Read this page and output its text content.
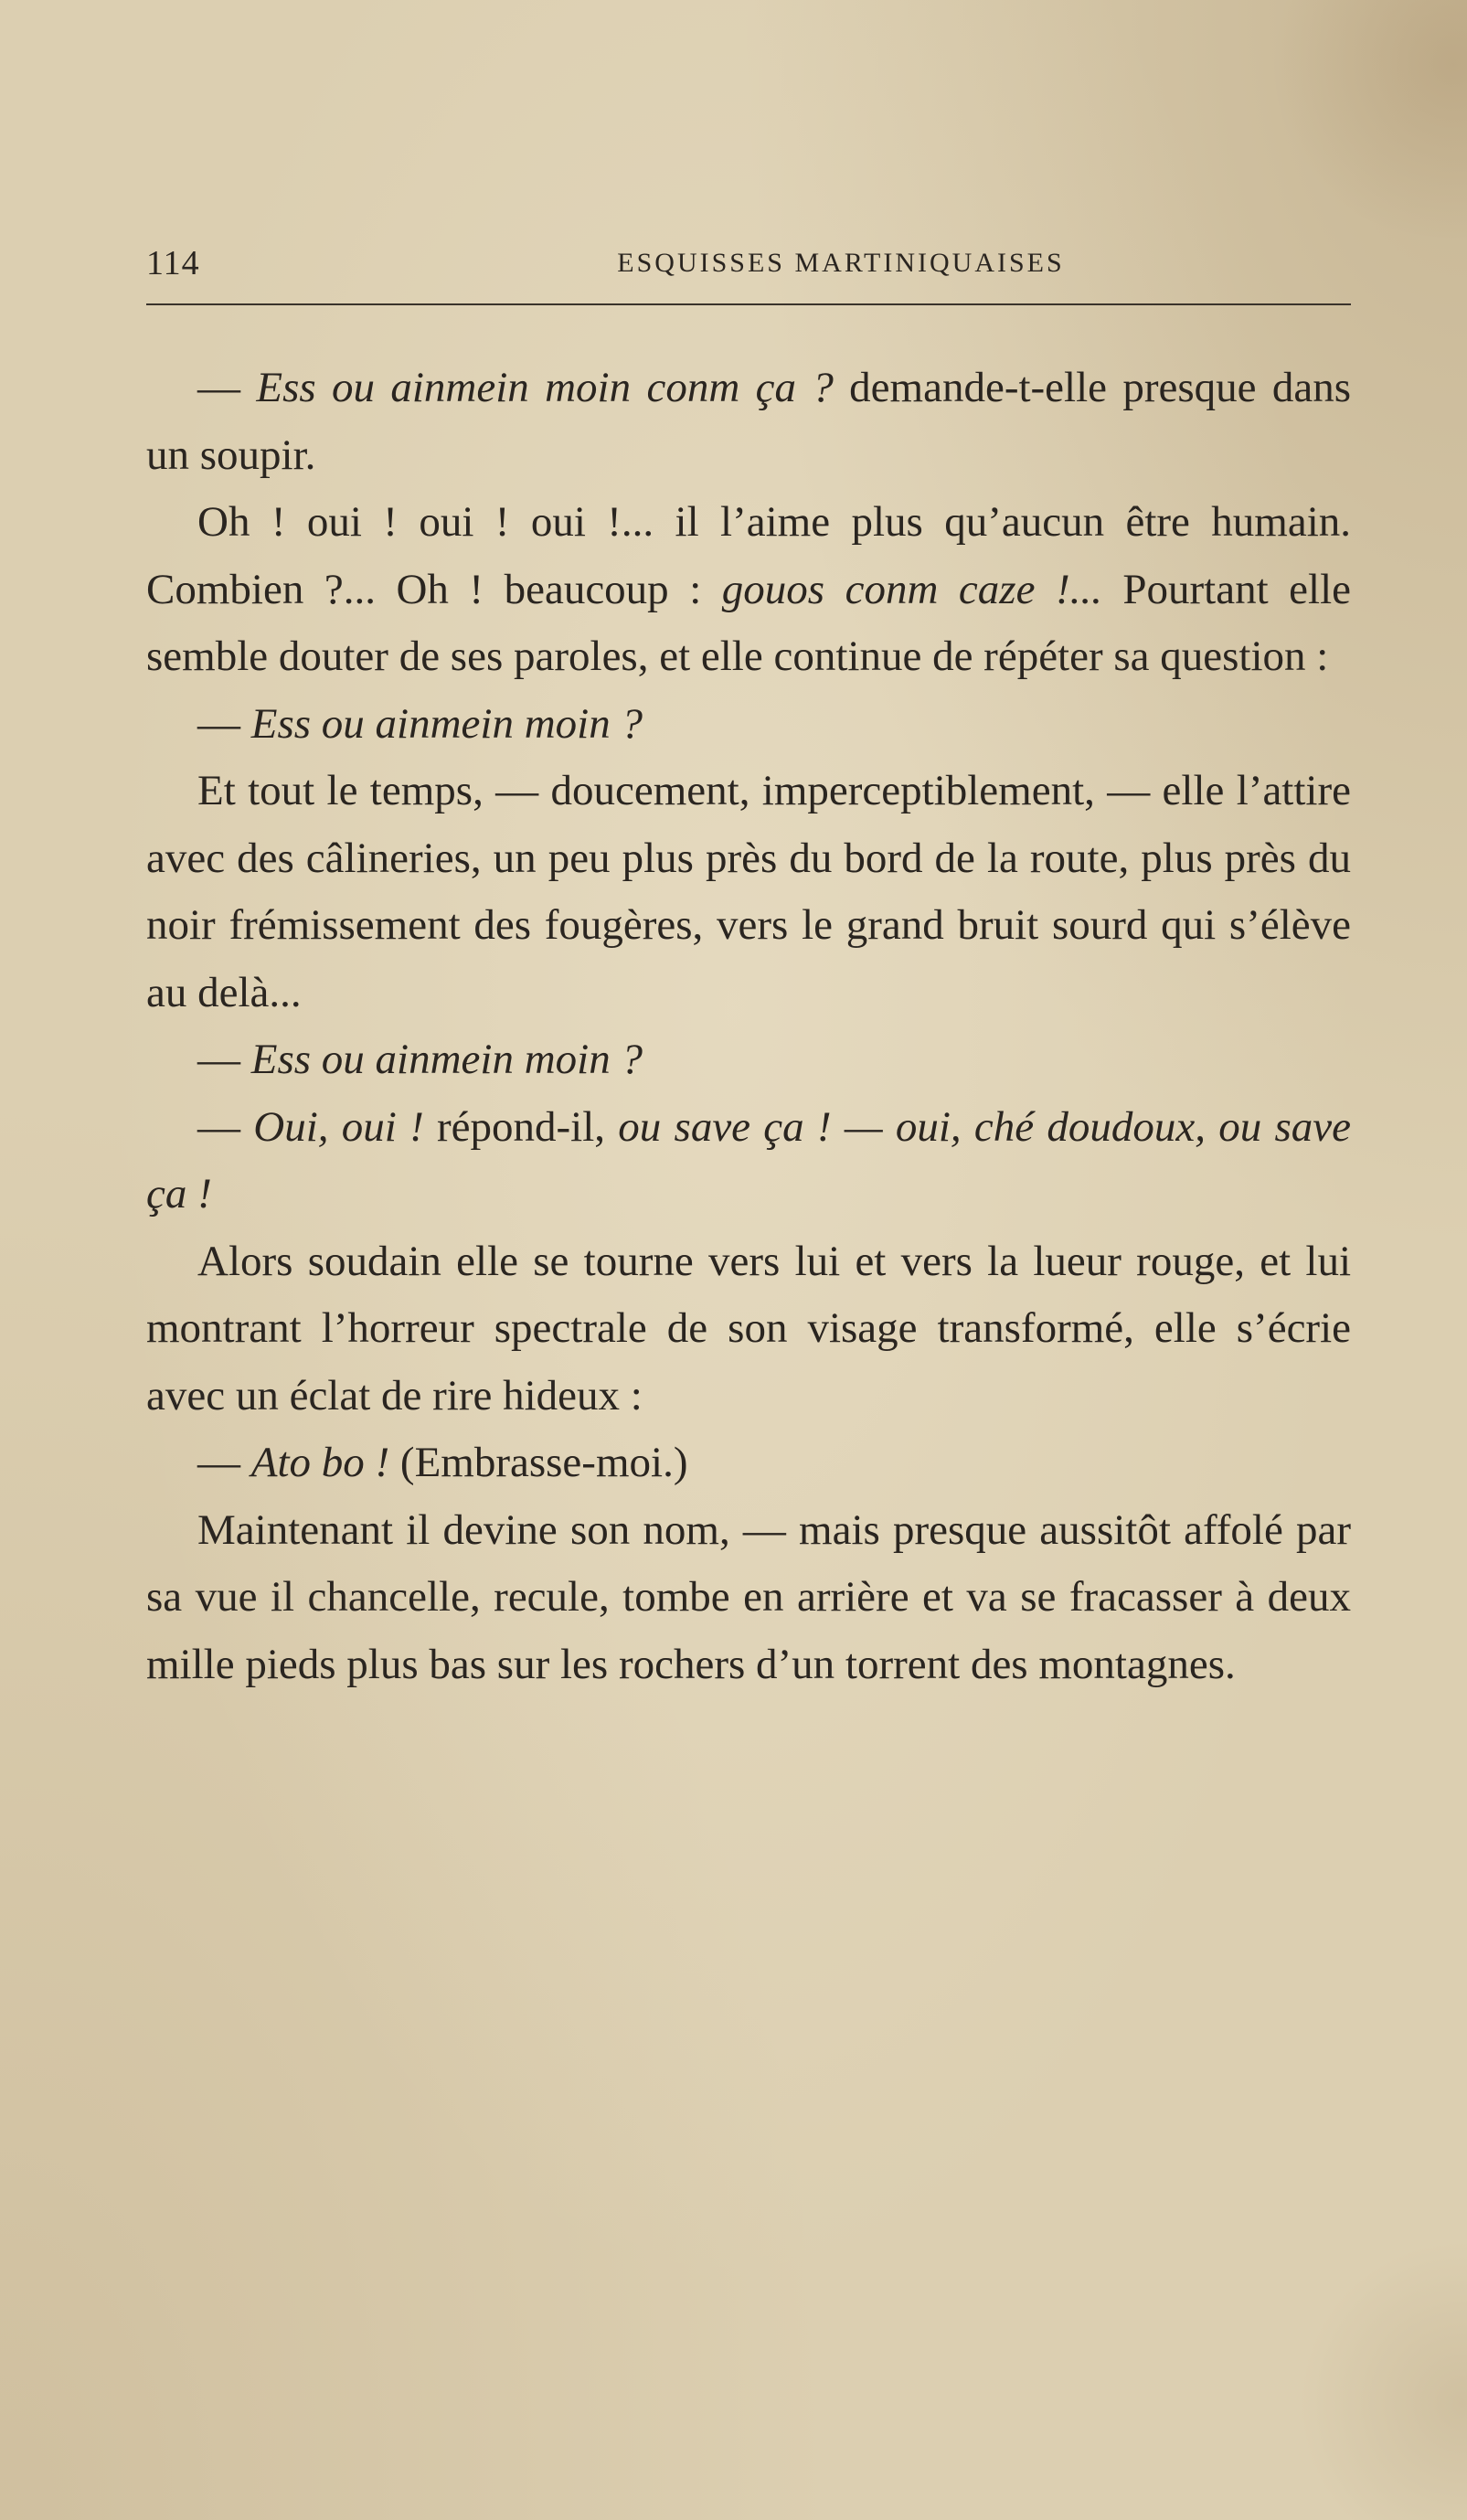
114	ESQUISSES MARTINIQUAISES

— Ess ou ainmein moin conm ça ? demande-t-elle presque dans un soupir.

Oh ! oui ! oui ! oui !... il l’aime plus qu’aucun être humain. Combien ?... Oh ! beaucoup : gouos conm caze !... Pourtant elle semble douter de ses paroles, et elle continue de répéter sa question :

— Ess ou ainmein moin ?

Et tout le temps, — doucement, imperceptiblement, — elle l’attire avec des câlineries, un peu plus près du bord de la route, plus près du noir frémissement des fougères, vers le grand bruit sourd qui s’élève au delà...

— Ess ou ainmein moin ?

— Oui, oui ! répond-il, ou save ça ! — oui, ché doudoux, ou save ça !

Alors soudain elle se tourne vers lui et vers la lueur rouge, et lui montrant l’horreur spectrale de son visage transformé, elle s’écrie avec un éclat de rire hideux :

— Ato bo ! (Embrasse-moi.)

Maintenant il devine son nom, — mais presque aussitôt affolé par sa vue il chancelle, recule, tombe en arrière et va se fracasser à deux mille pieds plus bas sur les rochers d’un torrent des montagnes.
